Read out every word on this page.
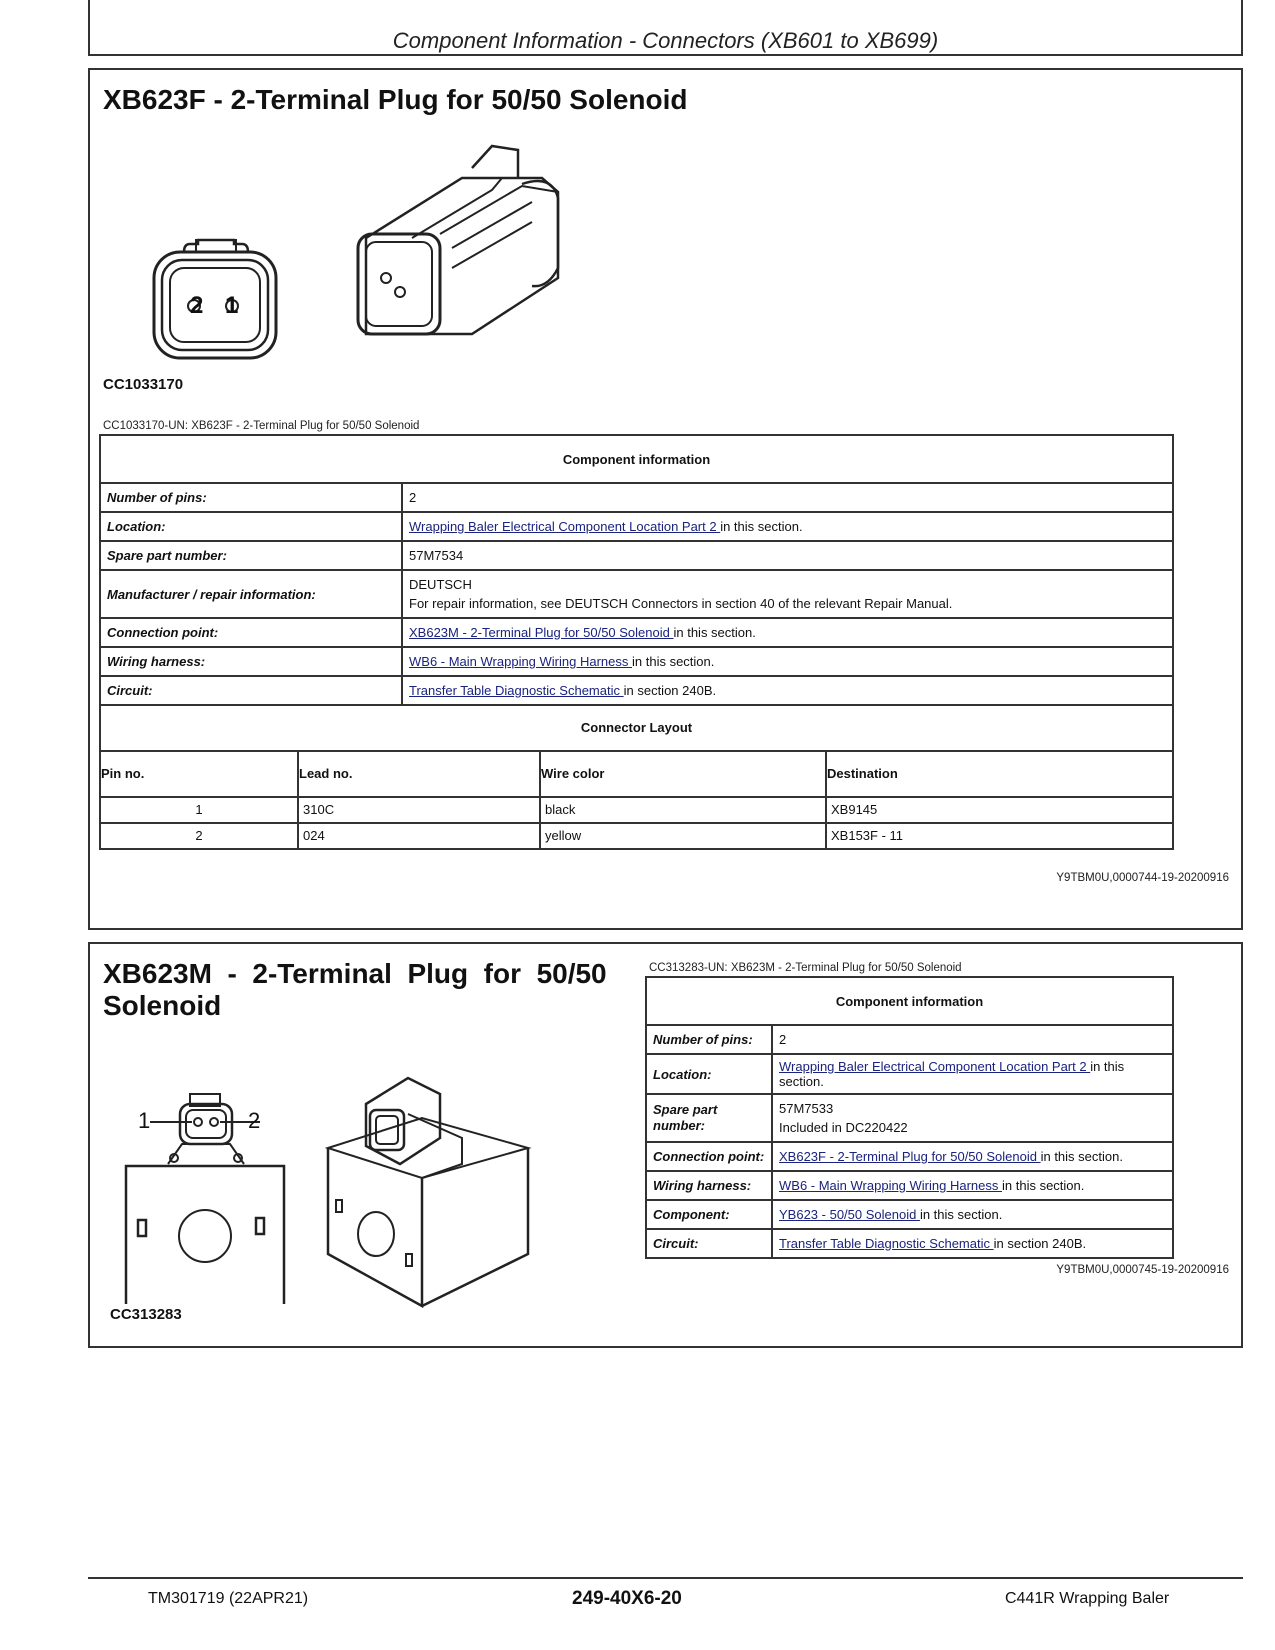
Component Information - Connectors (XB601 to XB699)
XB623F - 2-Terminal Plug for 50/50 Solenoid
2 1
CC1033170
CC1033170-UN: XB623F - 2-Terminal Plug for 50/50 Solenoid
Component information	
Number of pins:	2
Location:	Wrapping Baler Electrical Component Location Part 2 in this section.
Spare part number:	57M7534
Manufacturer / repair information:	DEUTSCH
For repair information, see DEUTSCH Connectors in section 40 of the relevant Repair Manual.

Connection point:	XB623M - 2-Terminal Plug for 50/50 Solenoid in this section.
Wiring harness:	WB6 - Main Wrapping Wiring Harness in this section.
Circuit:	Transfer Table Diagnostic Schematic in section 240B.
Connector Layout			
Pin no.	Lead no.	Wire color	Destination
1	310C	black	XB9145
2	024	yellow	XB153F - 11
Y9TBM0U,0000744-19-20200916
XB623M  -  2-Terminal  Plug  for  50/50
Solenoid
1	2
CC313283
CC313283-UN: XB623M - 2-Terminal Plug for 50/50 Solenoid
Component information	
Number of pins:	2
Location:	Wrapping Baler Electrical Component Location Part 2 in this section.
Spare part number:	57M7533
Included in DC220422

Connection point:	XB623F - 2-Terminal Plug for 50/50 Solenoid in this section.
Wiring harness:	WB6 - Main Wrapping Wiring Harness in this section.
Component:	YB623 - 50/50 Solenoid in this section.
Circuit:	Transfer Table Diagnostic Schematic in section 240B.
Y9TBM0U,0000745-19-20200916
TM301719 (22APR21)	249-40X6-20	C441R Wrapping Baler
